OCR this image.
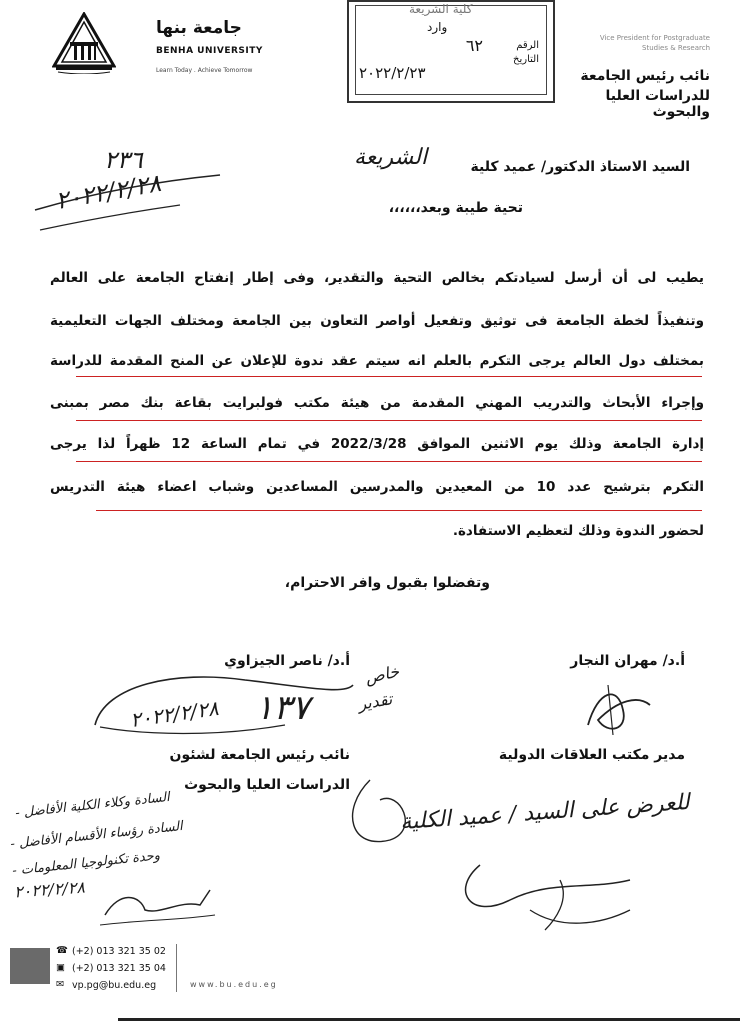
جامعة بنها
BENHA UNIVERSITY
Learn Today . Achieve Tomorrow
Vice President for Postgraduate
Studies & Research
نائب رئيس الجامعة
للدراسات العليا والبحوث
كلية الشريعة
وارد
٦٢	الرقم
التاريخ
٢٠٢٢/٢/٢٣
٢٣٦
٢٠٢٢/٢/٢٨
السيد الاستاذ الدكتور/ عميد كلية
الشريعة
تحية طيبة وبعد،،،،،،
يطيب لى أن أرسل لسيادتكم بخالص التحية والتقدير، وفى إطار إنفتاح الجامعة على العالم
وتنفيذاً لخطة الجامعة فى توثيق وتفعيل أواصر التعاون بين الجامعة ومختلف الجهات التعليمية
بمختلف دول العالم يرجى التكرم بالعلم انه سيتم عقد ندوة للإعلان عن المنح المقدمة للدراسة
وإجراء الأبحاث والتدريب المهني المقدمة من هيئة مكتب فولبرايت بقاعة بنك مصر بمبنى
إدارة الجامعة وذلك يوم الاثنين الموافق 2022/3/28 في تمام الساعة 12 ظهراً لذا يرجى
التكرم بترشيح عدد 10 من المعيدين والمدرسين المساعدين وشباب اعضاء هيئة التدريس
لحضور الندوة وذلك لتعظيم الاستفادة.
وتفضلوا بقبول وافر الاحترام،
أ.د/ ناصر الجيزاوي	أ.د/ مهران النجار
٢٠٢٢/٢/٢٨ ١٣٧
خاص
تقدير
نائب رئيس الجامعة لشئون
الدراسات العليا والبحوث
مدير مكتب العلاقات الدولية
للعرض على السيد / عميد الكلية
- السادة وكلاء الكلية الأفاضل
- السادة رؤساء الأقسام الأفاضل
- وحدة تكنولوجيا المعلومات
٢٠٢٢/٢/٢٨
☎ (+2) 013 321 35 02
▣ (+2) 013 321 35 04
✉ vp.pg@bu.edu.eg	www.bu.edu.eg
